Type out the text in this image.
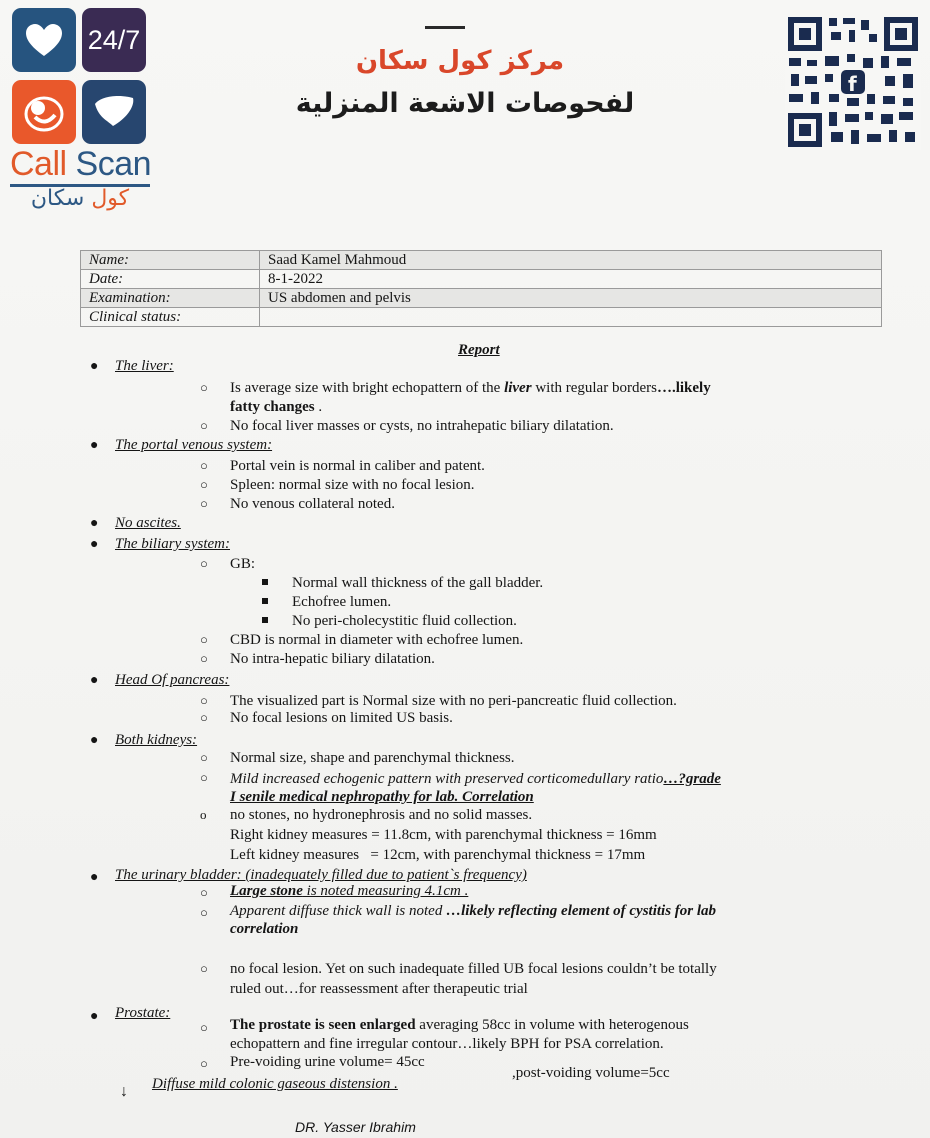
24/7
Call Scan
كول سكان
مركز كول سكان
لفحوصات الاشعة المنزلية
f
Name:	Saad Kamel Mahmoud
Date:	8-1-2022
Examination:	US abdomen and pelvis
Clinical status:	
Report
● The liver:
○ Is average size with bright echopattern of the liver with regular borders….likely
fatty changes .
○ No focal liver masses or cysts, no intrahepatic biliary dilatation.
● The portal venous system:
○ Portal vein is normal in caliber and patent.
○ Spleen: normal size with no focal lesion.
○ No venous collateral noted.
● No ascites.
● The biliary system:
○ GB:
Normal wall thickness of the gall bladder.
Echofree lumen.
No peri-cholecystitic fluid collection.
○ CBD is normal in diameter with echofree lumen.
○ No intra-hepatic biliary dilatation.
● Head Of pancreas:
○ The visualized part is Normal size with no peri-pancreatic fluid collection.
○ No focal lesions on limited US basis.
● Both kidneys:
○ Normal size, shape and parenchymal thickness.
○ Mild increased echogenic pattern with preserved corticomedullary ratio…?grade
I senile medical nephropathy for lab. Correlation
o no stones, no hydronephrosis and no solid masses.
Right kidney measures = 11.8cm, with parenchymal thickness = 16mm
Left kidney measures   = 12cm, with parenchymal thickness = 17mm
● The urinary bladder: (inadequately filled due to patient`s frequency)
○ Large stone is noted measuring 4.1cm .
○ Apparent diffuse thick wall is noted …likely reflecting element of cystitis for lab
correlation
○ no focal lesion. Yet on such inadequate filled UB focal lesions couldn’t be totally
ruled out…for reassessment after therapeutic trial
● Prostate:
○ The prostate is seen enlarged averaging 58cc in volume with heterogenous
echopattern and fine irregular contour…likely BPH for PSA correlation.
○ Pre-voiding urine volume= 45cc
,post-voiding volume=5cc
↓ Diffuse mild colonic gaseous distension .
DR. Yasser Ibrahim
